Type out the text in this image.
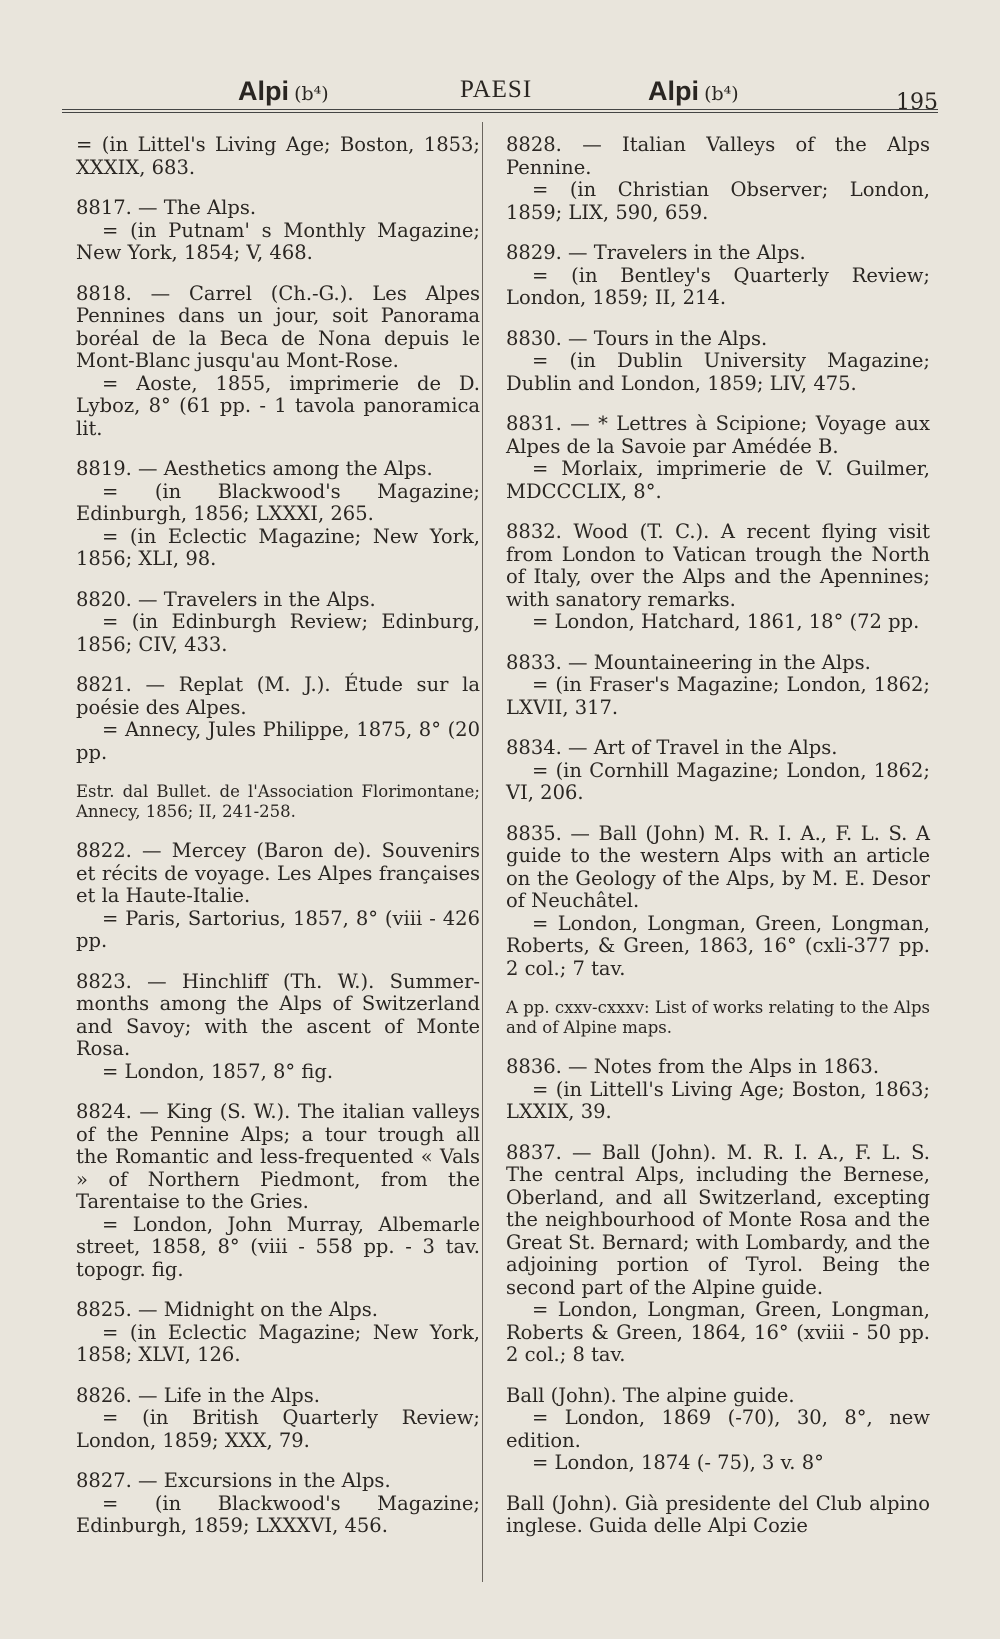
Alpi (b⁴)	PAESI	Alpi (b⁴)	195

= (in Littel's Living Age; Boston, 1853; XXXIX, 683.

8817. — The Alps.

= (in Putnam' s Monthly Magazine; New York, 1854; V, 468.

8818. — Carrel (Ch.-G.). Les Alpes Pennines dans un jour, soit Panorama boréal de la Beca de Nona depuis le Mont-Blanc jusqu'au Mont-Rose.

= Aoste, 1855, imprimerie de D. Lyboz, 8° (61 pp. - 1 tavola panoramica lit.

8819. — Aesthetics among the Alps.

= (in Blackwood's Magazine; Edinburgh, 1856; LXXXI, 265.

= (in Eclectic Magazine; New York, 1856; XLI, 98.

8820. — Travelers in the Alps.

= (in Edinburgh Review; Edinburg, 1856; CIV, 433.

8821. — Replat (M. J.). Étude sur la poésie des Alpes.

= Annecy, Jules Philippe, 1875, 8° (20 pp.

Estr. dal Bullet. de l'Association Florimontane; Annecy, 1856; II, 241-258.

8822. — Mercey (Baron de). Souvenirs et récits de voyage. Les Alpes françaises et la Haute-Italie.

= Paris, Sartorius, 1857, 8° (viii - 426 pp.

8823. — Hinchliff (Th. W.). Summer-months among the Alps of Switzerland and Savoy; with the ascent of Monte Rosa.

= London, 1857, 8° fig.

8824. — King (S. W.). The italian valleys of the Pennine Alps; a tour trough all the Romantic and less-frequented « Vals » of Northern Piedmont, from the Tarentaise to the Gries.

= London, John Murray, Albemarle street, 1858, 8° (viii - 558 pp. - 3 tav. topogr. fig.

8825. — Midnight on the Alps.

= (in Eclectic Magazine; New York, 1858; XLVI, 126.

8826. — Life in the Alps.

= (in British Quarterly Review; London, 1859; XXX, 79.

8827. — Excursions in the Alps.

= (in Blackwood's Magazine; Edinburgh, 1859; LXXXVI, 456.

8828. — Italian Valleys of the Alps Pennine.

= (in Christian Observer; London, 1859; LIX, 590, 659.

8829. — Travelers in the Alps.

= (in Bentley's Quarterly Review; London, 1859; II, 214.

8830. — Tours in the Alps.

= (in Dublin University Magazine; Dublin and London, 1859; LIV, 475.

8831. — * Lettres à Scipione; Voyage aux Alpes de la Savoie par Amédée B.

= Morlaix, imprimerie de V. Guilmer, MDCCCLIX, 8°.

8832. Wood (T. C.). A recent flying visit from London to Vatican trough the North of Italy, over the Alps and the Apennines; with sanatory remarks.

= London, Hatchard, 1861, 18° (72 pp.

8833. — Mountaineering in the Alps.

= (in Fraser's Magazine; London, 1862; LXVII, 317.

8834. — Art of Travel in the Alps.

= (in Cornhill Magazine; London, 1862; VI, 206.

8835. — Ball (John) M. R. I. A., F. L. S. A guide to the western Alps with an article on the Geology of the Alps, by M. E. Desor of Neuchâtel.

= London, Longman, Green, Longman, Roberts, & Green, 1863, 16° (cxli-377 pp. 2 col.; 7 tav.

A pp. cxxv-cxxxv: List of works relating to the Alps and of Alpine maps.

8836. — Notes from the Alps in 1863.

= (in Littell's Living Age; Boston, 1863; LXXIX, 39.

8837. — Ball (John). M. R. I. A., F. L. S. The central Alps, including the Bernese, Oberland, and all Switzerland, excepting the neighbourhood of Monte Rosa and the Great St. Bernard; with Lombardy, and the adjoining portion of Tyrol. Being the second part of the Alpine guide.

= London, Longman, Green, Longman, Roberts & Green, 1864, 16° (xviii - 50 pp. 2 col.; 8 tav.

Ball (John). The alpine guide.

= London, 1869 (-70), 30, 8°, new edition.

= London, 1874 (- 75), 3 v. 8°

Ball (John). Già presidente del Club alpino inglese. Guida delle Alpi Cozie
